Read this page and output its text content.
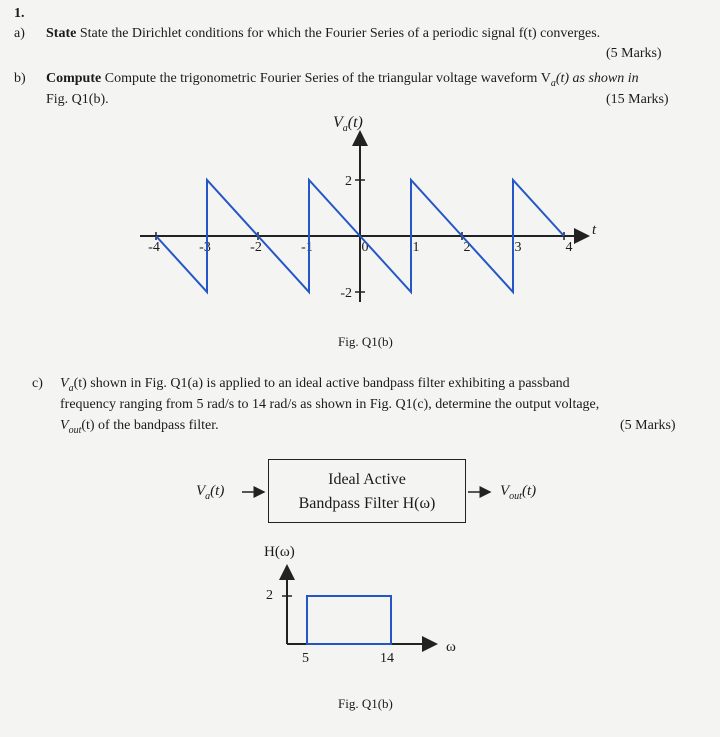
1.
a) State State the Dirichlet conditions for which the Fourier Series of a periodic signal f(t) converges.
(5 Marks)
b) Compute Compute the trigonometric Fourier Series of the triangular voltage waveform $V_a(t)$ as shown in
Fig. Q1(b).	(15 Marks)
2
-2
-4	-3	-2	-1	0	1	2	3	4
$V_a(t)$
t
Fig. Q1(b)
c) $V_a(t)$ shown in Fig. Q1(a) is applied to an ideal active bandpass filter exhibiting a passband
frequency ranging from 5 rad/s to 14 rad/s as shown in Fig. Q1(c), determine the output voltage,
$V_{out}(t)$ of the bandpass filter.	(5 Marks)
$V_a(t)$
Ideal Active
Bandpass Filter H(ω)
$V_{out}(t)$
H(ω)
2
5	14
ω
Fig. Q1(b)
